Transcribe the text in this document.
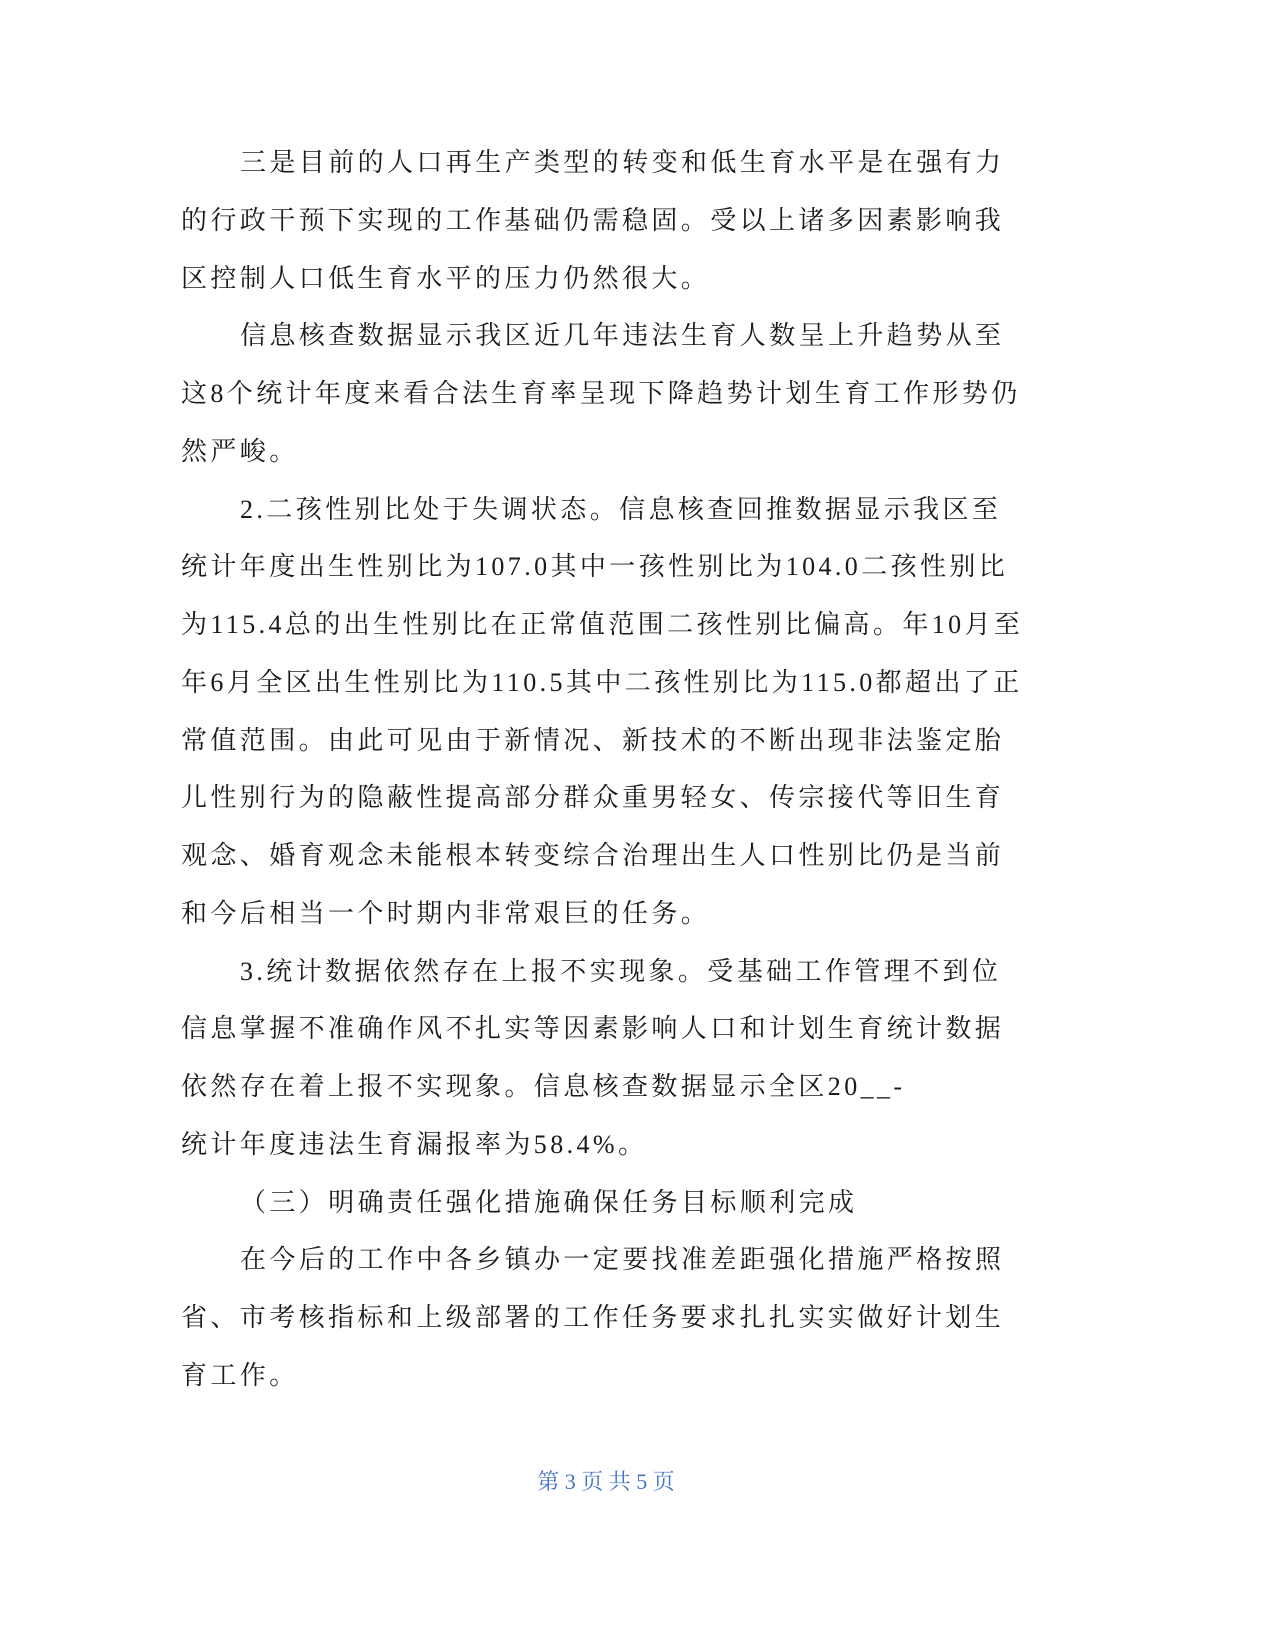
三是目前的人口再生产类型的转变和低生育水平是在强有力
的行政干预下实现的工作基础仍需稳固。受以上诸多因素影响我
区控制人口低生育水平的压力仍然很大。
信息核查数据显示我区近几年违法生育人数呈上升趋势从至
这8个统计年度来看合法生育率呈现下降趋势计划生育工作形势仍
然严峻。
2.二孩性别比处于失调状态。信息核查回推数据显示我区至
统计年度出生性别比为107.0其中一孩性别比为104.0二孩性别比
为115.4总的出生性别比在正常值范围二孩性别比偏高。年10月至
年6月全区出生性别比为110.5其中二孩性别比为115.0都超出了正
常值范围。由此可见由于新情况、新技术的不断出现非法鉴定胎
儿性别行为的隐蔽性提高部分群众重男轻女、传宗接代等旧生育
观念、婚育观念未能根本转变综合治理出生人口性别比仍是当前
和今后相当一个时期内非常艰巨的任务。
3.统计数据依然存在上报不实现象。受基础工作管理不到位
信息掌握不准确作风不扎实等因素影响人口和计划生育统计数据
依然存在着上报不实现象。信息核查数据显示全区20__-
统计年度违法生育漏报率为58.4%。
（三）明确责任强化措施确保任务目标顺利完成
在今后的工作中各乡镇办一定要找准差距强化措施严格按照
省、市考核指标和上级部署的工作任务要求扎扎实实做好计划生
育工作。
第 3 页 共 5 页
